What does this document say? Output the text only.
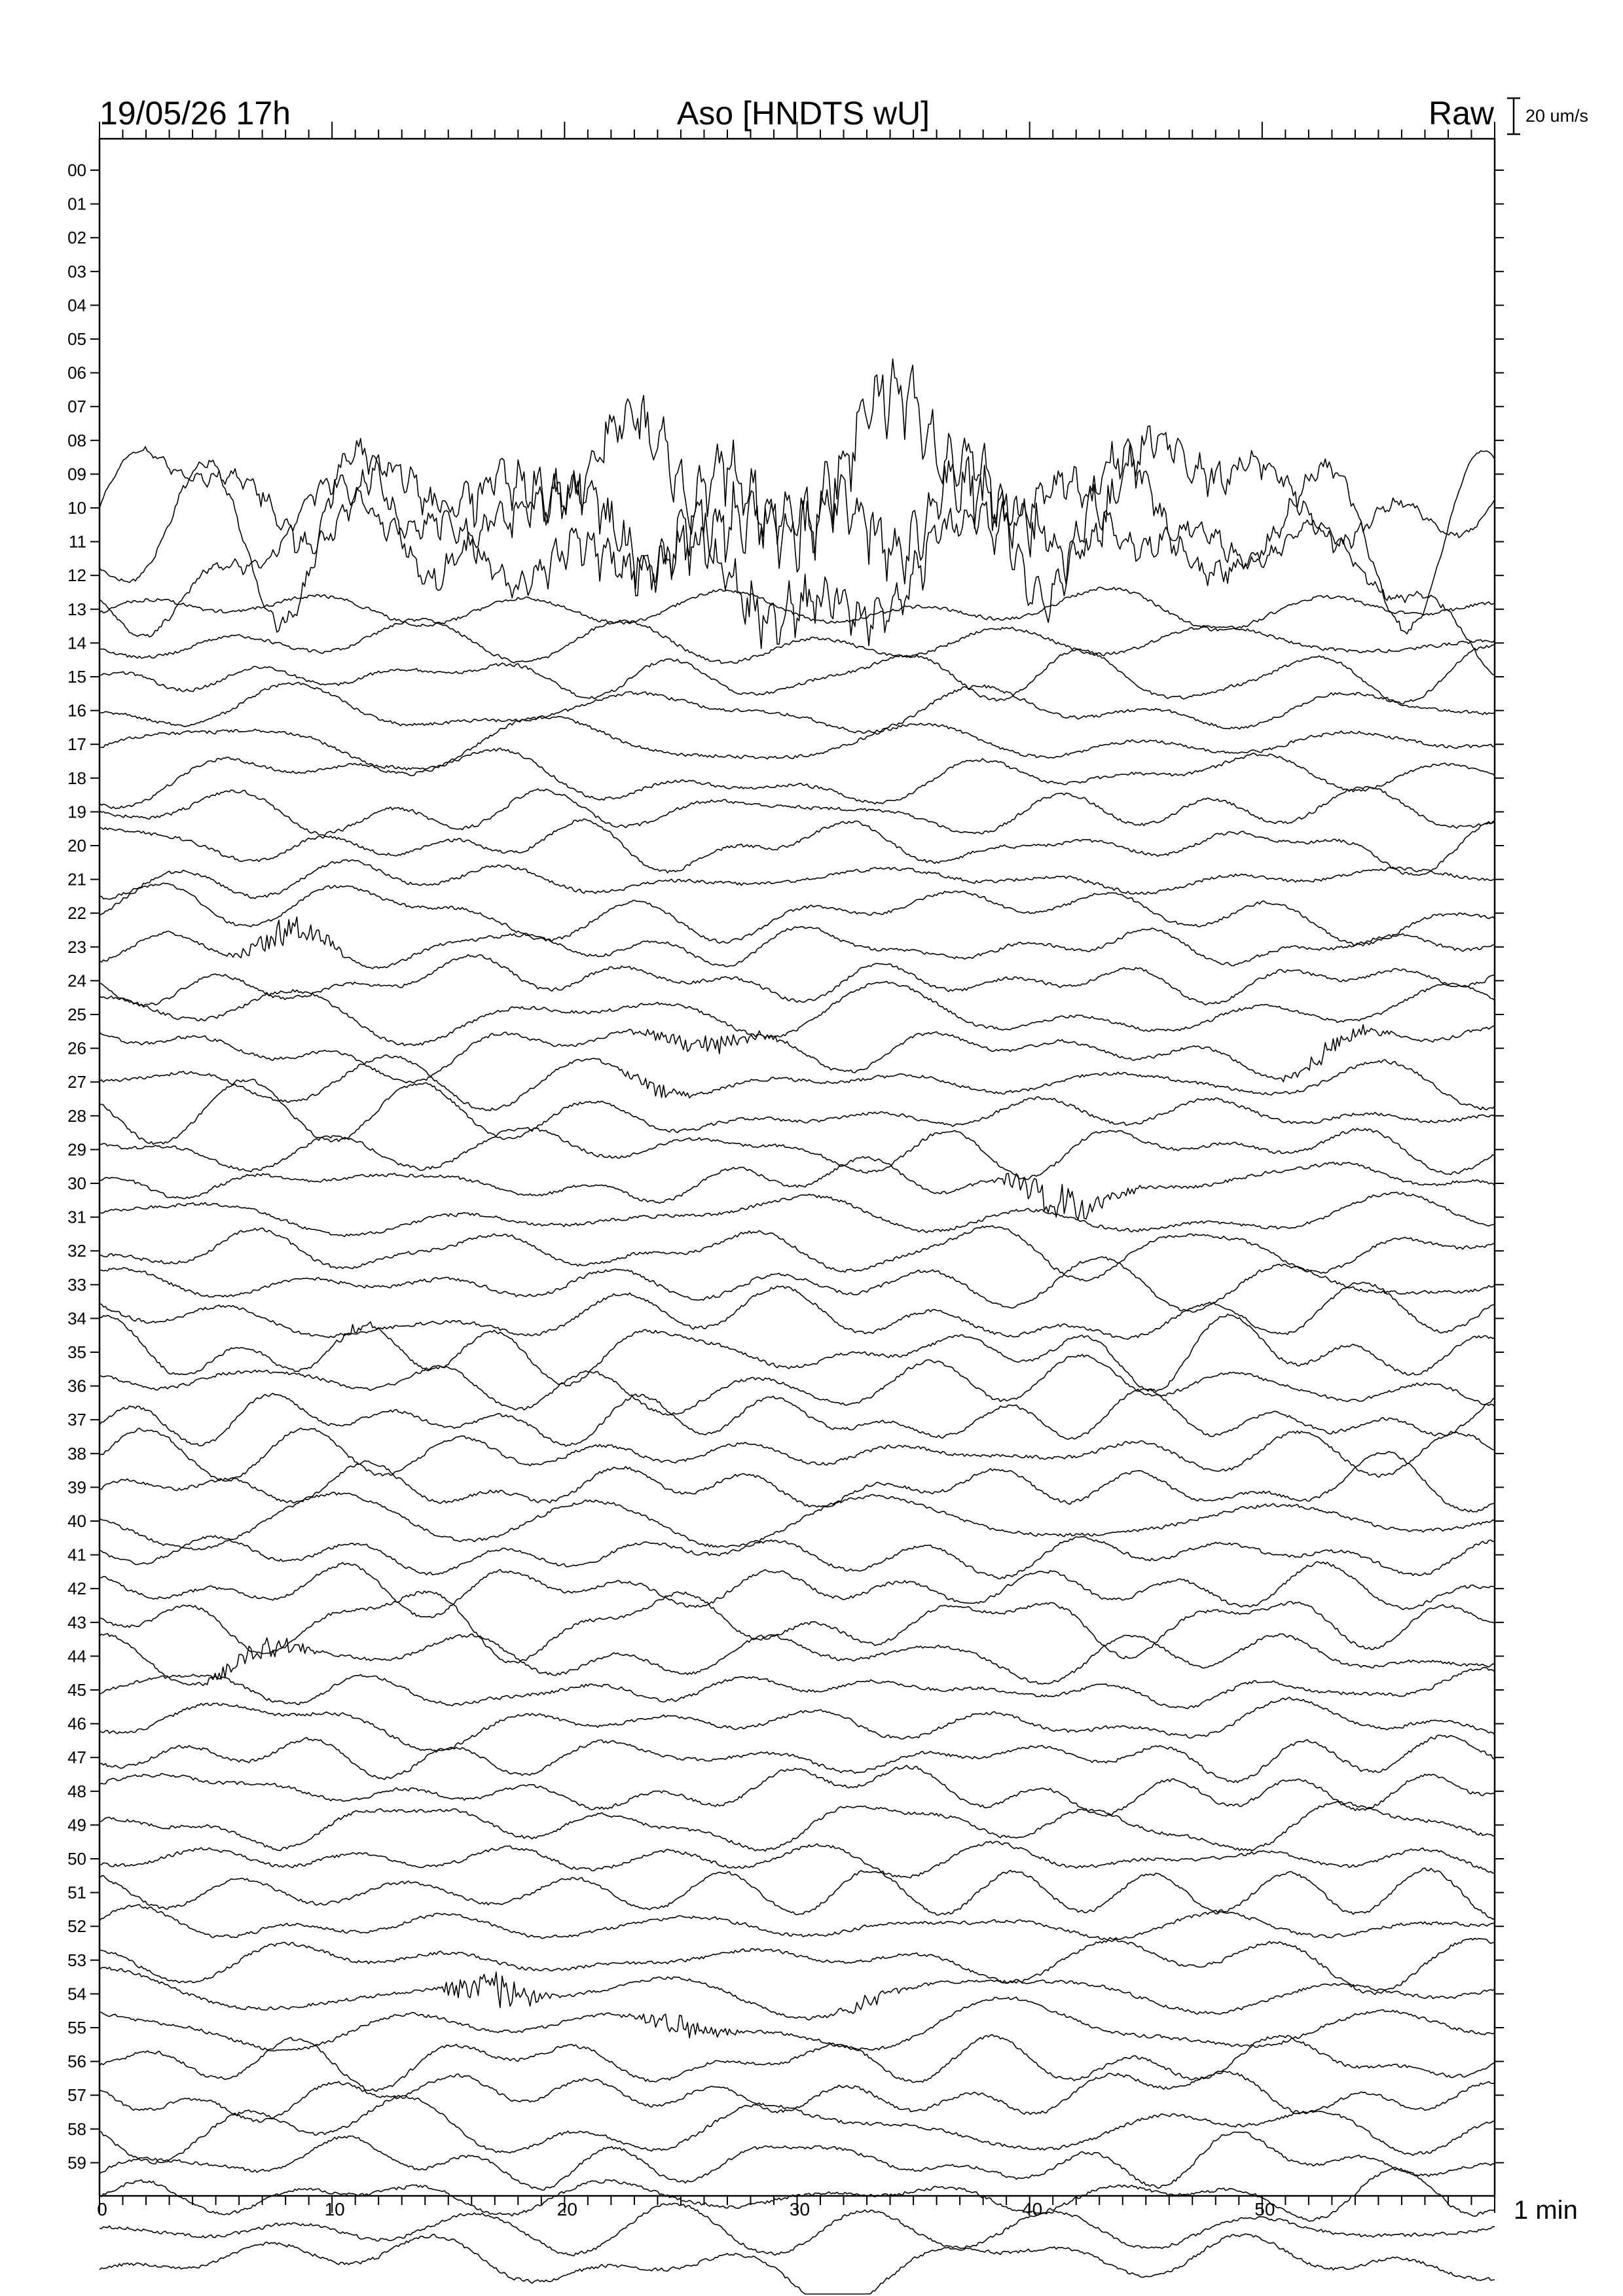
19/05/26 17h	Aso [HNDTS wU]	Raw 20 um/s
00
01
02
03
04
05
06
07
08
09
10
11
12
13
14
15
16
17
18
19
20
21
22
23
24
25
26
27
28
29
30
31
32
33
34
35
36
37
38
39
40
41
42
43
44
45
46
47
48
49
50
51
52
53
54
55
56
57
58
59
0	10	20	30	40	50	1 min
